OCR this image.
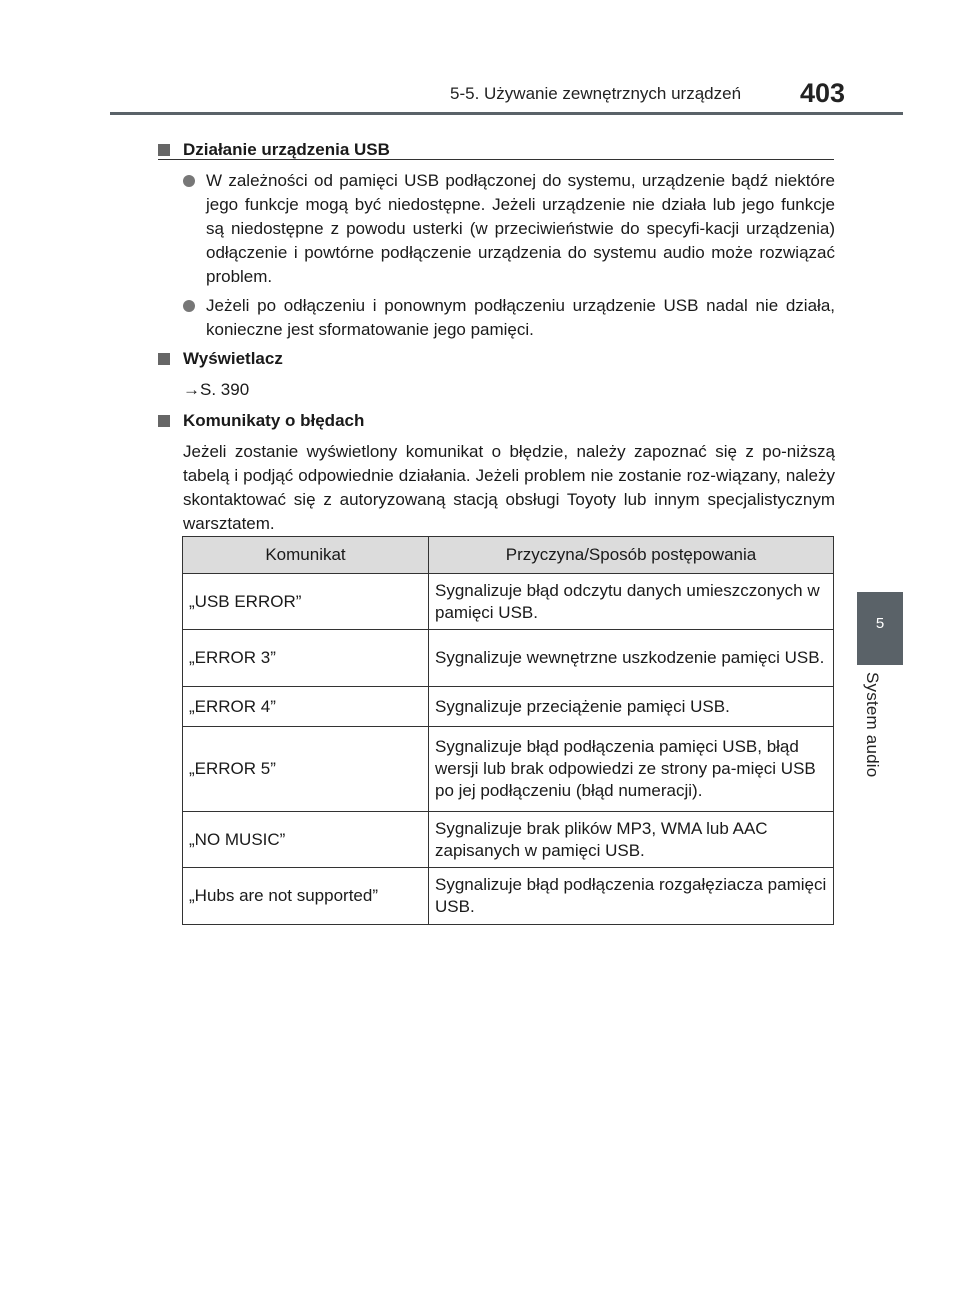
5-5. Używanie zewnętrznych urządzeń 403
5
System audio
Działanie urządzenia USB
W zależności od pamięci USB podłączonej do systemu, urządzenie bądź niektóre jego funkcje mogą być niedostępne. Jeżeli urządzenie nie działa lub jego funkcje są niedostępne z powodu usterki (w przeciwieństwie do specyfi-kacji urządzenia) odłączenie i powtórne podłączenie urządzenia do systemu audio może rozwiązać problem.
Jeżeli po odłączeniu i ponownym podłączeniu urządzenie USB nadal nie działa, konieczne jest sformatowanie jego pamięci.
Wyświetlacz
→S. 390
Komunikaty o błędach
Jeżeli zostanie wyświetlony komunikat o błędzie, należy zapoznać się z po-niższą tabelą i podjąć odpowiednie działania. Jeżeli problem nie zostanie roz-wiązany, należy skontaktować się z autoryzowaną stacją obsługi Toyoty lub innym specjalistycznym warsztatem.
Komunikat	Przyczyna/Sposób postępowania
„USB ERROR”	Sygnalizuje błąd odczytu danych umieszczonych w pamięci USB.
„ERROR 3”	Sygnalizuje wewnętrzne uszkodzenie pamięci USB.
„ERROR 4”	Sygnalizuje przeciążenie pamięci USB.
„ERROR 5”	Sygnalizuje błąd podłączenia pamięci USB, błąd wersji lub brak odpowiedzi ze strony pa-mięci USB po jej podłączeniu (błąd numeracji).
„NO MUSIC”	Sygnalizuje brak plików MP3, WMA lub AAC zapisanych w pamięci USB.
„Hubs are not supported”	Sygnalizuje błąd podłączenia rozgałęziacza pamięci USB.
